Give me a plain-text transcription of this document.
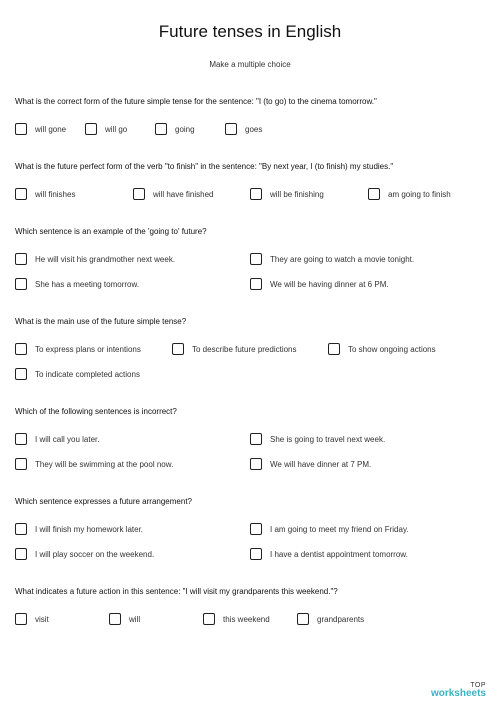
Future tenses in English
Make a multiple choice

What is the correct form of the future simple tense for the sentence: "I (to go) to the cinema tomorrow."

will gone	will go	going	goes

What is the future perfect form of the verb "to finish" in the sentence: "By next year, I (to finish) my studies."

will finishes	will have finished	will be finishing	am going to finish

Which sentence is an example of the 'going to' future?

He will visit his grandmother next week.	They are going to watch a movie tonight.
She has a meeting tomorrow.	We will be having dinner at 6 PM.

What is the main use of the future simple tense?

To express plans or intentions	To describe future predictions	To show ongoing actions
To indicate completed actions

Which of the following sentences is incorrect?

I will call you later.	She is going to travel next week.
They will be swimming at the pool now.	We will have dinner at 7 PM.

Which sentence expresses a future arrangement?

I will finish my homework later.	I am going to meet my friend on Friday.
I will play soccer on the weekend.	I have a dentist appointment tomorrow.

What indicates a future action in this sentence: "I will visit my grandparents this weekend."?

visit	will	this weekend	grandparents
TOP
worksheets
